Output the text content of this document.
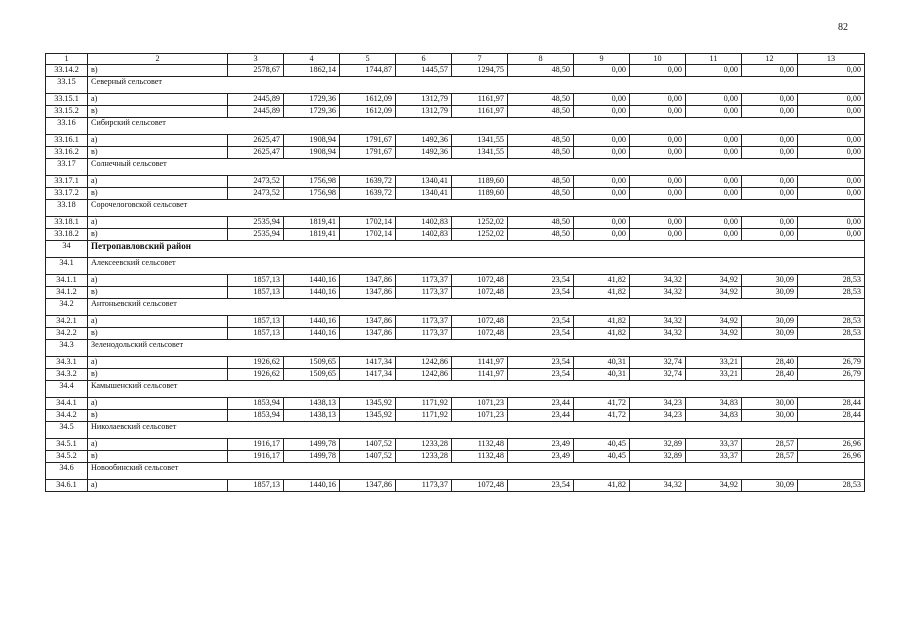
82
1	2	3	4	5	6	7	8	9	10	11	12	13
33.14.2	в)	2578,67	1862,14	1744,87	1445,57	1294,75	48,50	0,00	0,00	0,00	0,00	0,00
33.15	Северный сельсовет											
33.15.1	а)	2445,89	1729,36	1612,09	1312,79	1161,97	48,50	0,00	0,00	0,00	0,00	0,00
33.15.2	в)	2445,89	1729,36	1612,09	1312,79	1161,97	48,50	0,00	0,00	0,00	0,00	0,00
33.16	Сибирский сельсовет											
33.16.1	а)	2625,47	1908,94	1791,67	1492,36	1341,55	48,50	0,00	0,00	0,00	0,00	0,00
33.16.2	в)	2625,47	1908,94	1791,67	1492,36	1341,55	48,50	0,00	0,00	0,00	0,00	0,00
33.17	Солнечный сельсовет											
33.17.1	а)	2473,52	1756,98	1639,72	1340,41	1189,60	48,50	0,00	0,00	0,00	0,00	0,00
33.17.2	в)	2473,52	1756,98	1639,72	1340,41	1189,60	48,50	0,00	0,00	0,00	0,00	0,00
33.18	Сорочелоговской сельсовет											
33.18.1	а)	2535,94	1819,41	1702,14	1402,83	1252,02	48,50	0,00	0,00	0,00	0,00	0,00
33.18.2	в)	2535,94	1819,41	1702,14	1402,83	1252,02	48,50	0,00	0,00	0,00	0,00	0,00
34	Петропавловский район											
34.1	Алексеевский сельсовет											
34.1.1	а)	1857,13	1440,16	1347,86	1173,37	1072,48	23,54	41,82	34,32	34,92	30,09	28,53
34.1.2	в)	1857,13	1440,16	1347,86	1173,37	1072,48	23,54	41,82	34,32	34,92	30,09	28,53
34.2	Антоньевский сельсовет											
34.2.1	а)	1857,13	1440,16	1347,86	1173,37	1072,48	23,54	41,82	34,32	34,92	30,09	28,53
34.2.2	в)	1857,13	1440,16	1347,86	1173,37	1072,48	23,54	41,82	34,32	34,92	30,09	28,53
34.3	Зеленодольский сельсовет											
34.3.1	а)	1926,62	1509,65	1417,34	1242,86	1141,97	23,54	40,31	32,74	33,21	28,40	26,79
34.3.2	в)	1926,62	1509,65	1417,34	1242,86	1141,97	23,54	40,31	32,74	33,21	28,40	26,79
34.4	Камышенский сельсовет											
34.4.1	а)	1853,94	1438,13	1345,92	1171,92	1071,23	23,44	41,72	34,23	34,83	30,00	28,44
34.4.2	в)	1853,94	1438,13	1345,92	1171,92	1071,23	23,44	41,72	34,23	34,83	30,00	28,44
34.5	Николаевский сельсовет											
34.5.1	а)	1916,17	1499,78	1407,52	1233,28	1132,48	23,49	40,45	32,89	33,37	28,57	26,96
34.5.2	в)	1916,17	1499,78	1407,52	1233,28	1132,48	23,49	40,45	32,89	33,37	28,57	26,96
34.6	Новообинский сельсовет											
34.6.1	а)	1857,13	1440,16	1347,86	1173,37	1072,48	23,54	41,82	34,32	34,92	30,09	28,53
